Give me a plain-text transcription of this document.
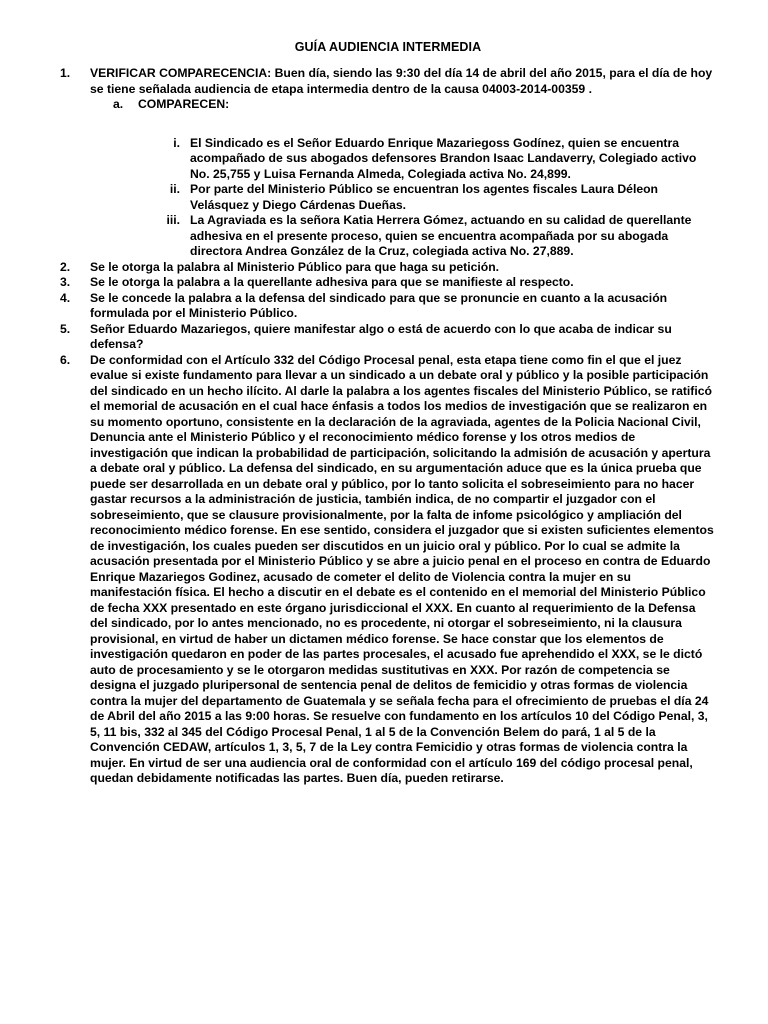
GUÍA AUDIENCIA INTERMEDIA
1.	VERIFICAR COMPARECENCIA: Buen día, siendo las 9:30 del día 14 de abril del año 2015, para el día de hoy se tiene señalada audiencia de etapa intermedia dentro de la causa 04003-2014-00359 .
a.	COMPARECEN:
i. El Sindicado es el Señor Eduardo Enrique Mazariegoss Godínez, quien se encuentra acompañado de sus abogados defensores Brandon Isaac Landaverry, Colegiado activo No. 25,755 y Luisa Fernanda Almeda, Colegiada activa No. 24,899.
ii. Por parte del Ministerio Público se encuentran los agentes fiscales Laura Déleon Velásquez y Diego Cárdenas Dueñas.
iii. La Agraviada es la señora Katia Herrera Gómez, actuando en su calidad de querellante adhesiva en el presente proceso, quien se encuentra acompañada por su abogada directora Andrea González de la Cruz, colegiada activa No. 27,889.
2.	Se le otorga la palabra al Ministerio Público para que haga su petición.
3.	Se le otorga la palabra a la querellante adhesiva para que se manifieste al respecto.
4.	Se le concede la palabra a la defensa del sindicado para que se pronuncie en cuanto a la acusación formulada por el Ministerio Público.
5.	Señor Eduardo Mazariegos, quiere manifestar algo o está de acuerdo con lo que acaba de indicar su defensa?
6.	De conformidad con el Artículo 332 del Código Procesal penal, esta etapa tiene como fin el que el juez evalue si existe fundamento para llevar a un sindicado a un debate oral y público y la posible participación del sindicado en un hecho ilícito. Al darle la palabra a los agentes fiscales del Ministerio Público, se ratificó el memorial de acusación en el cual hace énfasis a todos los medios de investigación que se realizaron en su momento oportuno, consistente en la declaración de la agraviada, agentes de la Policia Nacional Civil, Denuncia ante el Ministerio Público y el reconocimiento médico forense y los otros medios de investigación que indican la probabilidad de participación, solicitando la admisión de acusación y apertura a debate oral y público. La defensa del sindicado, en su argumentación aduce que es la única prueba que puede ser desarrollada en un debate oral y público, por lo tanto solicita el sobreseimiento para no hacer gastar recursos a la administración de justicia, también indica, de no compartir el juzgador con el sobreseimiento, que se clausure provisionalmente, por la falta de infome psicológico y ampliación del reconocimiento médico forense. En ese sentido, considera el juzgador que si existen suficientes elementos de investigación, los cuales pueden ser discutidos en un juicio oral y público. Por lo cual se admite la acusación presentada por el Ministerio Público y se abre a juicio penal en el proceso en contra de Eduardo Enrique Mazariegos Godinez, acusado de cometer el delito de Violencia contra la mujer en su manifestación física. El hecho a discutir en el debate es el contenido en el memorial del Ministerio Público de fecha XXX presentado en este órgano jurisdiccional el XXX. En cuanto al requerimiento de la Defensa del sindicado, por lo antes mencionado, no es procedente, ni otorgar el sobreseimiento, ni la clausura provisional, en virtud de haber un dictamen médico forense. Se hace constar que los elementos de investigación quedaron en poder de las partes procesales, el acusado fue aprehendido el XXX, se le dictó auto de procesamiento y se le otorgaron medidas sustitutivas en XXX. Por razón de competencia se designa el juzgado pluripersonal de sentencia penal de delitos de femicidio y otras formas de violencia contra la mujer del departamento de Guatemala y se señala fecha para el ofrecimiento de pruebas el día 24 de Abril del año 2015 a las 9:00 horas. Se resuelve con fundamento en los artículos 10 del Código Penal, 3, 5, 11 bis, 332 al 345 del Código Procesal Penal, 1 al 5 de la Convención Belem do pará, 1 al 5 de la Convención CEDAW, artículos 1, 3, 5, 7 de la Ley contra Femicidio y otras formas de violencia contra la mujer. En virtud de ser una audiencia oral de conformidad con el artículo 169 del código procesal penal, quedan debidamente notificadas las partes. Buen día, pueden retirarse.
